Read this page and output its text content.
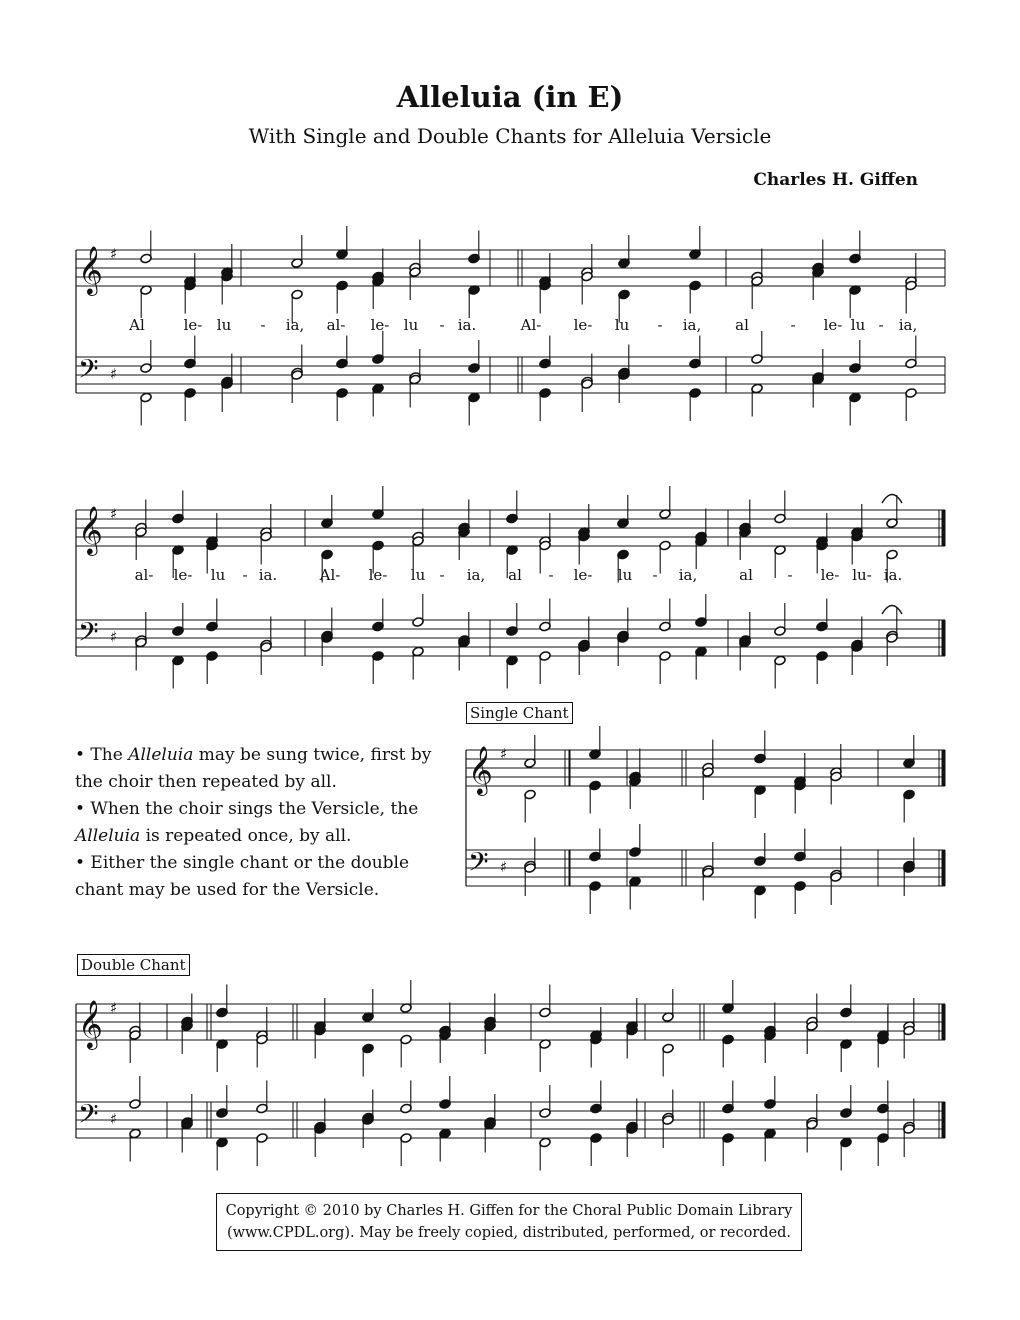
Alleluia (in E)
With Single and Double Chants for Alleluia Versicle
Charles H. Giffen
𝄞
𝄢
♯
♯
𝄞
𝄢
♯
♯
𝄞
𝄢
♯
♯
𝄞
𝄢
♯
♯
Al	le- lu - ia, al- le- lu - ia.	Al- le- lu - ia, al	- le- lu - ia,
al- le- lu - ia.	Al- le- lu - ia, al - le- lu - ia,	al - le- lu- ia.
Single Chant
Double Chant
• The Alleluia may be sung twice, first by the choir then repeated by all.
• When the choir sings the Versicle, the Alleluia is repeated once, by all.
• Either the single chant or the double chant may be used for the Versicle.
Copyright © 2010 by Charles H. Giffen for the Choral Public Domain Library
(www.CPDL.org). May be freely copied, distributed, performed, or recorded.
